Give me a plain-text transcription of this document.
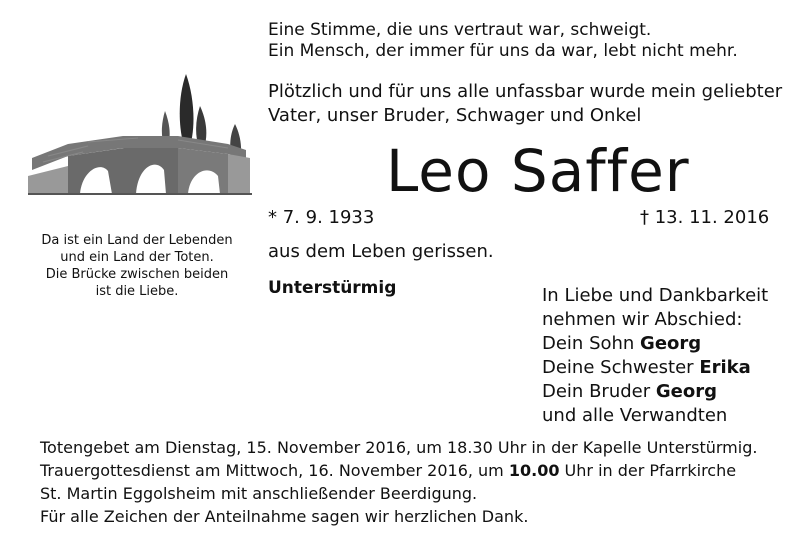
Da ist ein Land der Lebenden
und ein Land der Toten.
Die Brücke zwischen beiden
ist die Liebe.
Eine Stimme, die uns vertraut war, schweigt.
Ein Mensch, der immer für uns da war, lebt nicht mehr.
Plötzlich und für uns alle unfassbar wurde mein geliebter
Vater, unser Bruder, Schwager und Onkel
Leo Saffer
* 7. 9. 1933	† 13. 11. 2016
aus dem Leben gerissen.
Unterstürmig	In Liebe und Dankbarkeit
nehmen wir Abschied:
Dein Sohn Georg
Deine Schwester Erika
Dein Bruder Georg
und alle Verwandten
Totengebet am Dienstag, 15. November 2016, um 18.30 Uhr in der Kapelle Unterstürmig.
Trauergottesdienst am Mittwoch, 16. November 2016, um 10.00 Uhr in der Pfarrkirche
St. Martin Eggolsheim mit anschließender Beerdigung.
Für alle Zeichen der Anteilnahme sagen wir herzlichen Dank.
